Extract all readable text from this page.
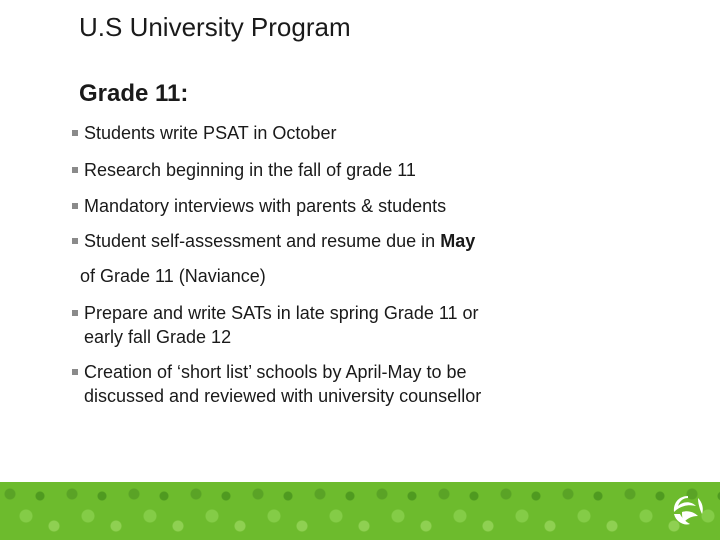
U.S University Program
Grade 11:
Students write PSAT in October
Research beginning in the fall of grade 11
Mandatory interviews with parents & students
Student self-assessment and resume due in May
of Grade 11 (Naviance)
Prepare and write SATs in late spring Grade 11 or
early fall Grade 12
Creation of ‘short list’ schools by April-May to be
discussed and reviewed with university counsellor
